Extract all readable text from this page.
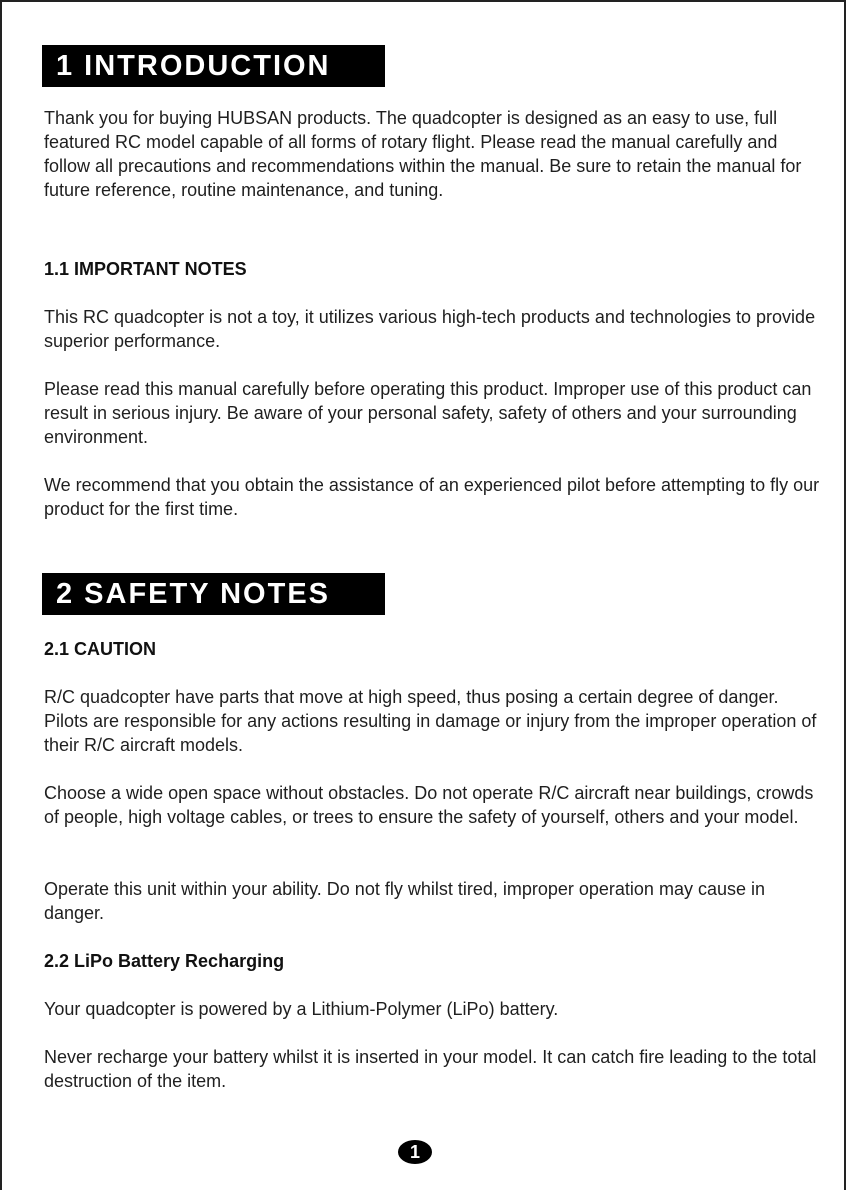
1 INTRODUCTION

Thank you for buying HUBSAN products. The quadcopter is designed as an easy to use, full featured RC model capable of all forms of rotary flight. Please read the manual carefully and follow all precautions and recommendations within the manual. Be sure to retain the manual for future reference, routine maintenance, and tuning.

1.1 IMPORTANT NOTES

This RC quadcopter is not a toy, it utilizes various high-tech products and technologies to provide superior performance.

Please read this manual carefully before operating this product. Improper use of this product can result in serious injury. Be aware of your personal safety, safety of others and your surrounding environment.

We recommend that you obtain the assistance of an experienced pilot before attempting to fly our product for the first time.

2 SAFETY NOTES

2.1 CAUTION

R/C quadcopter have parts that move at high speed, thus posing a certain degree of danger. Pilots are responsible for any actions resulting in damage or injury from the improper operation of their R/C aircraft models.

Choose a wide open space without obstacles. Do not operate R/C aircraft near buildings, crowds of people, high voltage cables, or trees to ensure the safety of yourself, others and your model.

Operate this unit within your ability. Do not fly whilst tired, improper operation may cause in danger.

2.2 LiPo Battery Recharging

Your quadcopter is powered by a Lithium-Polymer (LiPo) battery.

Never recharge your battery whilst it is inserted in your model. It can catch fire leading to the total destruction of the item.

1
